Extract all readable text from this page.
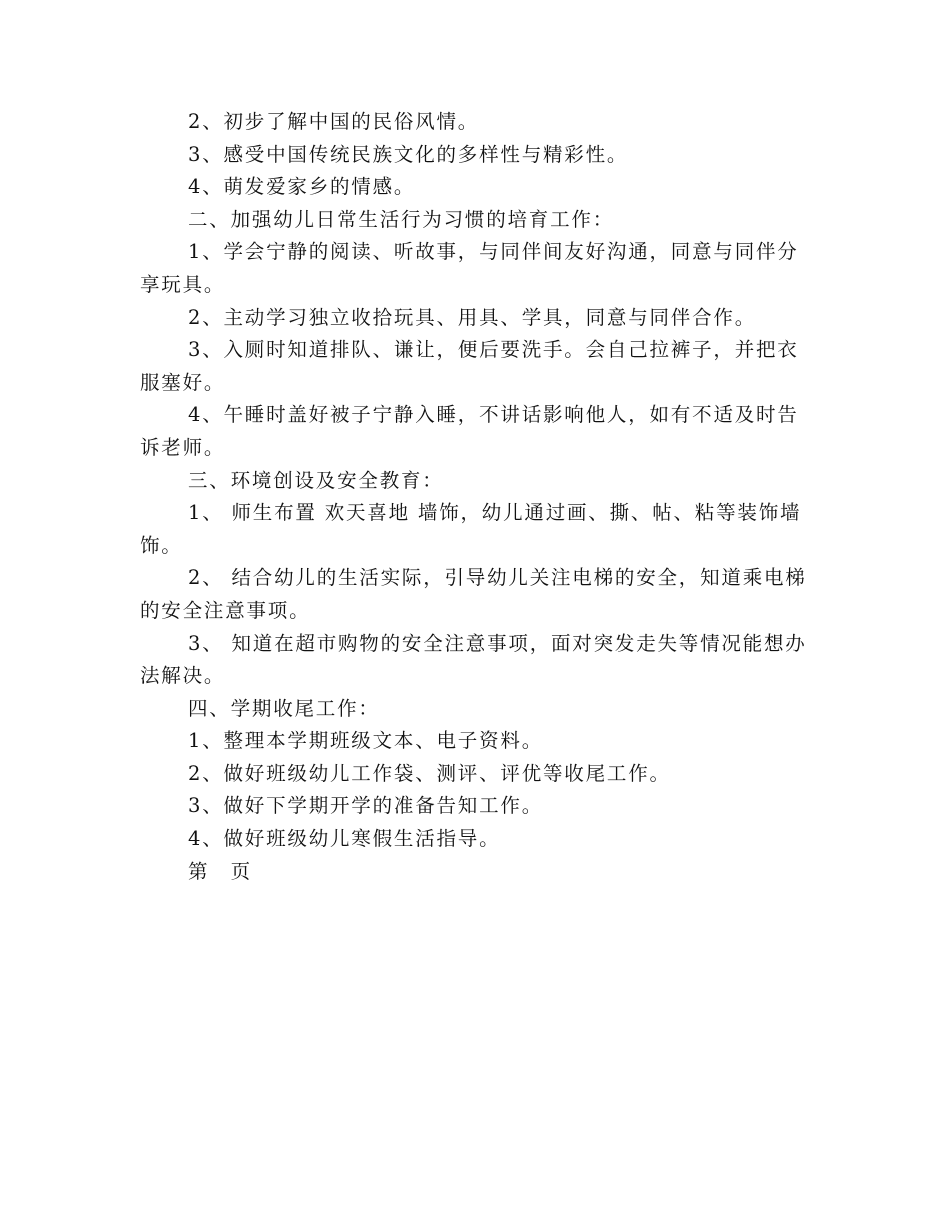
2、初步了解中国的民俗风情。

3、感受中国传统民族文化的多样性与精彩性。

4、萌发爱家乡的情感。

二、加强幼儿日常生活行为习惯的培育工作：

1、学会宁静的阅读、听故事，与同伴间友好沟通，同意与同伴分享玩具。

2、主动学习独立收拾玩具、用具、学具，同意与同伴合作。

3、入厕时知道排队、谦让，便后要洗手。会自己拉裤子，并把衣服塞好。

4、午睡时盖好被子宁静入睡，不讲话影响他人，如有不适及时告诉老师。

三、环境创设及安全教育：

1、 师生布置 欢天喜地 墙饰，幼儿通过画、撕、帖、粘等装饰墙饰。

2、 结合幼儿的生活实际，引导幼儿关注电梯的安全，知道乘电梯的安全注意事项。

3、 知道在超市购物的安全注意事项，面对突发走失等情况能想办法解决。

四、学期收尾工作：

1、整理本学期班级文本、电子资料。

2、做好班级幼儿工作袋、测评、评优等收尾工作。

3、做好下学期开学的准备告知工作。

4、做好班级幼儿寒假生活指导。

第　页
